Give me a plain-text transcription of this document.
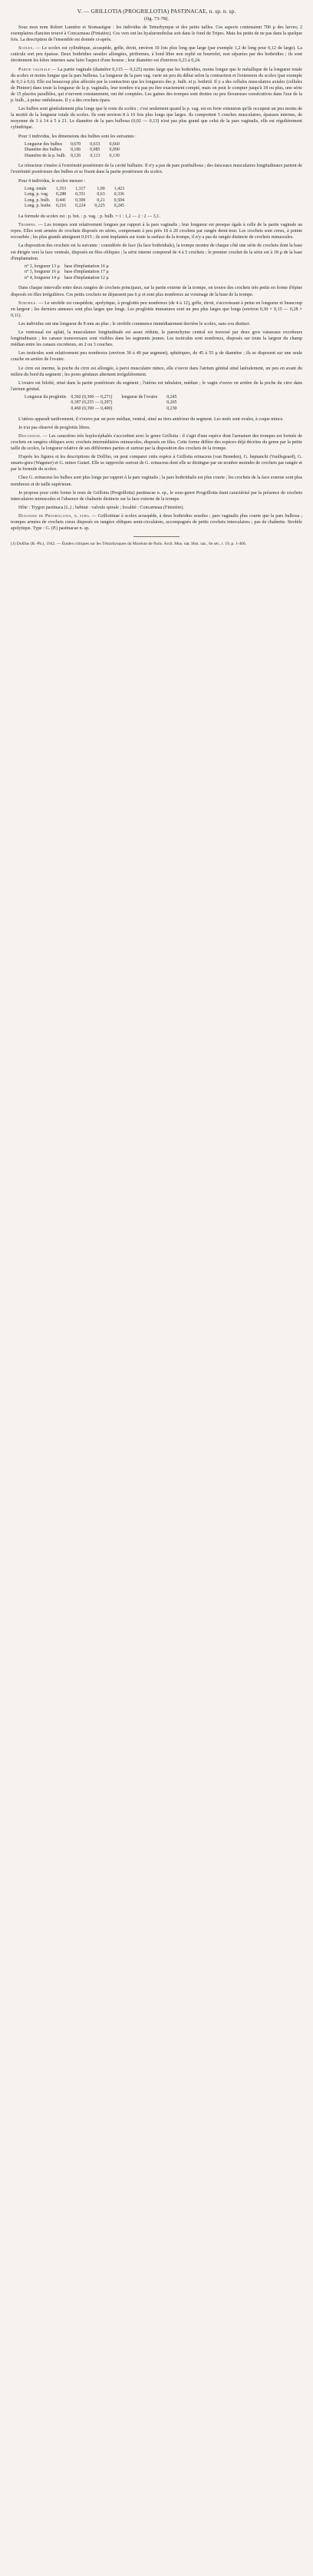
V. — GRILLOTIA (PROGRILLOTIA) PASTINACAE, n. sp. n. sp.
(fig. 73-78).

Sous mon nom Robert Lumière et Stomastigue : les individus de Tetrarhynque et des petits tailles. Ces aspects contenaient 700 µ des larves; 2 exemplaires d'ancien trouvé à Concarneau (Finistère). Ces vers ont les hyaluronobolus soit dans le fond du Tripes. Mais les petits de ne pas dans la quelque fois. La description de l'ensemble est donnée ci-après.

Scolex. — Le scolex est cylindrique, acraspéde, grêle, étroit, environ 10 fois plus long que large (par exemple 1,2 de long pour 0,12 de large). La cuticule sort peu épaisse. Deux bothridies sessiles allongées, piriformes, à bord libre non replié en bourrelet, non séparées par des bothridies ; ils sont étroitement les lobes internes sans faire l'aspect d'une bourse ; leur diamètre est d'environ 0,23 à 0,24.

Partie vaginale — La partie vaginale (diamètre 0,115 — 0,125) moins large que les bothridies, moins longue que le métallique de la longueur totale du scolex et moins longue que la pars bulbosa. La longueur de la pars vag. varie un peu du début selon la contraction et l'extension du scolex (par exemple de 0,3 à 0,6). Elle est beaucoup plus affectée par la contraction que les longueurs des p. bulb. et p. bothrid. Il y a des cellules musculaires axiales (cellules de Pintner) dans toute la longueur de la p. vaginalis, leur nombre n'a pas pu être exactement compté, mais on peut le compter jusqu'à 18 ou plus, une série de 15 placées parallèles, qui s'ouvrent constamment, ont été comptées. Les gaines des trompes sont droites ou peu flexueuses consécutives dans l'axe de la p. bulb., à peine onduleuses. Il y a des crochets épars.

Les bulbes sont généralement plus longs que le reste du scolex ; c'est seulement quand la p. vag. est en forte extension qu'ils occupent un peu moins de la moitié de la longueur totale du scolex. Ils sont environ 8 à 10 fois plus longs que larges. Ils comportent 5 couches musculaires, épaisses internes, de moyenne de 3 à 14 à 5 à 21. Le diamètre de la pars bulbosa (0,02 — 0,13) n'est pas plus grand que celui de la pars vaginalis, elle est régulièrement cylindrique.

Pour 3 individus, les dimensions des bulbes sont les suivantes :

Longueur des bulbes	0,670	0,633	0,660
Diamètre des bulbes	0,106	0,085	0,090
Diamètre de la p. bulb.	0,126	0,113	0,130

Le rétracteur s'insère à l'extrémité postérieure de la cavité bulbaire. Il n'y a pas de pars postbulbosa ; des faisceaux musculaires longitudinaux partent de l'extrémité postérieure des bulbes et se fixent dans la partie postérieure du scolex.

Pour 4 individus, le scolex mesure :

Long. totale	1,353	1,317	1,90	1,423
Long. p. vag.	0,288	0,351	0,63	0,336
Long. p. bulb.	0,441	0,300	0,21	0,504
Long. p. bothr.	0,216	0,224	0,225	0,245

La formule du scolex est : p. bot. : p. vag. : p. bulb. = 1 : 1,2 — 2 : 2 — 3,1.

Trompes. — Les trompes sont relativement longues par rapport à la pars vaginalis ; leur longueur est presque égale à celle de la partie vaginale au repos. Elles sont armées de crochets disposés en séries, comprenant à peu près 18 à 20 crochets par rangée demi-tour. Les crochets sont creux, à pointe recourbée ; les plus grands atteignent 0,015 ; ils sont implantés sur toute la surface de la trompe, il n'y a pas de rangée distincte de crochets minuscules.

La disposition des crochets est la suivante : considérée de face (la face bothridiale), la trompe montre de chaque côté une série de crochets dont la base est dirigée vers la face ventrale, disposés en files obliques ; la série interne comprend de 4 à 5 crochets ; le premier crochet de la série est à 18 µ de la base d'implantation.

n° 2, longueur 13 µ	base d'implantation 16 µ
n° 3, longueur 16 µ	base d'implantation 17 µ
n° 4, longueur 14 µ	base d'implantation 12 µ

Dans chaque intervalle entre deux rangées de crochets principaux, sur la partie externe de la trompe, on trouve des crochets très petits en forme d'épine disposés en files irrégulières. Ces petits crochets ne dépassent pas 6 µ et sont plus nombreux au voisinage de la base de la trompe.

Strobile. — Le strobile est craspédote, apolytique, à proglottis peu nombreux (de 4 à 12), grêle, étroit, s'accroissant à peine en longueur et beaucoup en largeur ; les derniers anneaux sont plus larges que longs. Les proglottis immatures sont un peu plus larges que longs (environ 0,30 × 0,15 — 0,28 × 0,11).

Les individus ont une longueur de 8 mm au plus ; le strobile commence immédiatement derrière le scolex, sans cou distinct.

Le ventousal est aplati, la musculature longitudinale est assez réduite, le parenchyme central est traversé par deux gros vaisseaux excréteurs longitudinaux ; les canaux transversaux sont visibles dans les segments jeunes. Les testicules sont nombreux, disposés sur toute la largeur du champ médian entre les canaux excréteurs, en 2 ou 3 couches.

Les testicules sont relativement peu nombreux (environ 30 à 40 par segment), sphériques, de 45 à 55 µ de diamètre ; ils se disposent sur une seule couche en arrière de l'ovaire.

Le cirre est inerme, la poche du cirre est allongée, à paroi musculaire mince, elle s'ouvre dans l'atrium génital situé latéralement, un peu en avant du milieu du bord du segment ; les pores génitaux alternent irrégulièrement.

L'ovaire est bilobé, situé dans la partie postérieure du segment ; l'utérus est tubulaire, médian ; le vagin s'ouvre en arrière de la poche du cirre dans l'atrium génital.

Longueur du proglottis	0,302 (0,300 — 0,271)	longueur de l'ovaire	0,245
	0,387 (0,255 — 0,297)		0,265
	0,460 (0,390 — 0,400)		0,230

L'utérus apparaît tardivement, il s'ouvre par un pore médian, ventral, situé au tiers antérieur du segment. Les œufs sont ovales, à coque mince.

Je n'ai pas observé de proglottis libres.

Discussion. — Les caractères très hoplocéphalés s'accordent avec le genre Grillotia : il s'agit d'une espèce dont l'armature des trompes est formée de crochets en rangées obliques avec crochets intermédiaires minuscules, disposés en files. Cette forme diffère des espèces déjà décrites du genre par la petite taille du scolex, la longueur relative de ses différentes parties et surtout par la disposition des crochets de la trompe.

D'après les figures et les descriptions de Dollfus, on peut comparer cette espèce à Grillotia erinaceus (van Beneden), G. heptanchi (Vaullegeard), G. smaris-gora (Wagener) et G. minor Guiart. Elle se rapproche surtout de G. erinaceus dont elle se distingue par un nombre moindre de crochets par rangée et par la formule du scolex.

Chez G. erinaceus les bulbes sont plus longs par rapport à la pars vaginalis ; la pars bothridialis est plus courte ; les crochets de la face externe sont plus nombreux et de taille supérieure.

Je propose pour cette forme le nom de Grillotia (Progrillotia) pastinacae n. sp., le sous-genre Progrillotia étant caractérisé par la présence de crochets intercalaires minuscules et l'absence de chaînette distincte sur la face externe de la trompe.

Hôte : Trygon pastinaca (L.) ; habitat : valvule spirale ; localité : Concarneau (Finistère).

Diagnose de Progrillotia, n. subg. — Grillotiinae à scolex acraspéde, à deux bothridies sessiles ; pars vaginalis plus courte que la pars bulbosa ; trompes armées de crochets creux disposés en rangées obliques semi-circulaires, accompagnés de petits crochets intercalaires ; pas de chaînette. Strobile apolytique. Type : G. (P.) pastinacae n. sp.

(1) Dollfus (R.-Ph.), 1942. — Études critiques sur les Tétrarhynques du Muséum de Paris. Arch. Mus. nat. Hist. nat., 6e sér., t. 19, p. 1-466.
